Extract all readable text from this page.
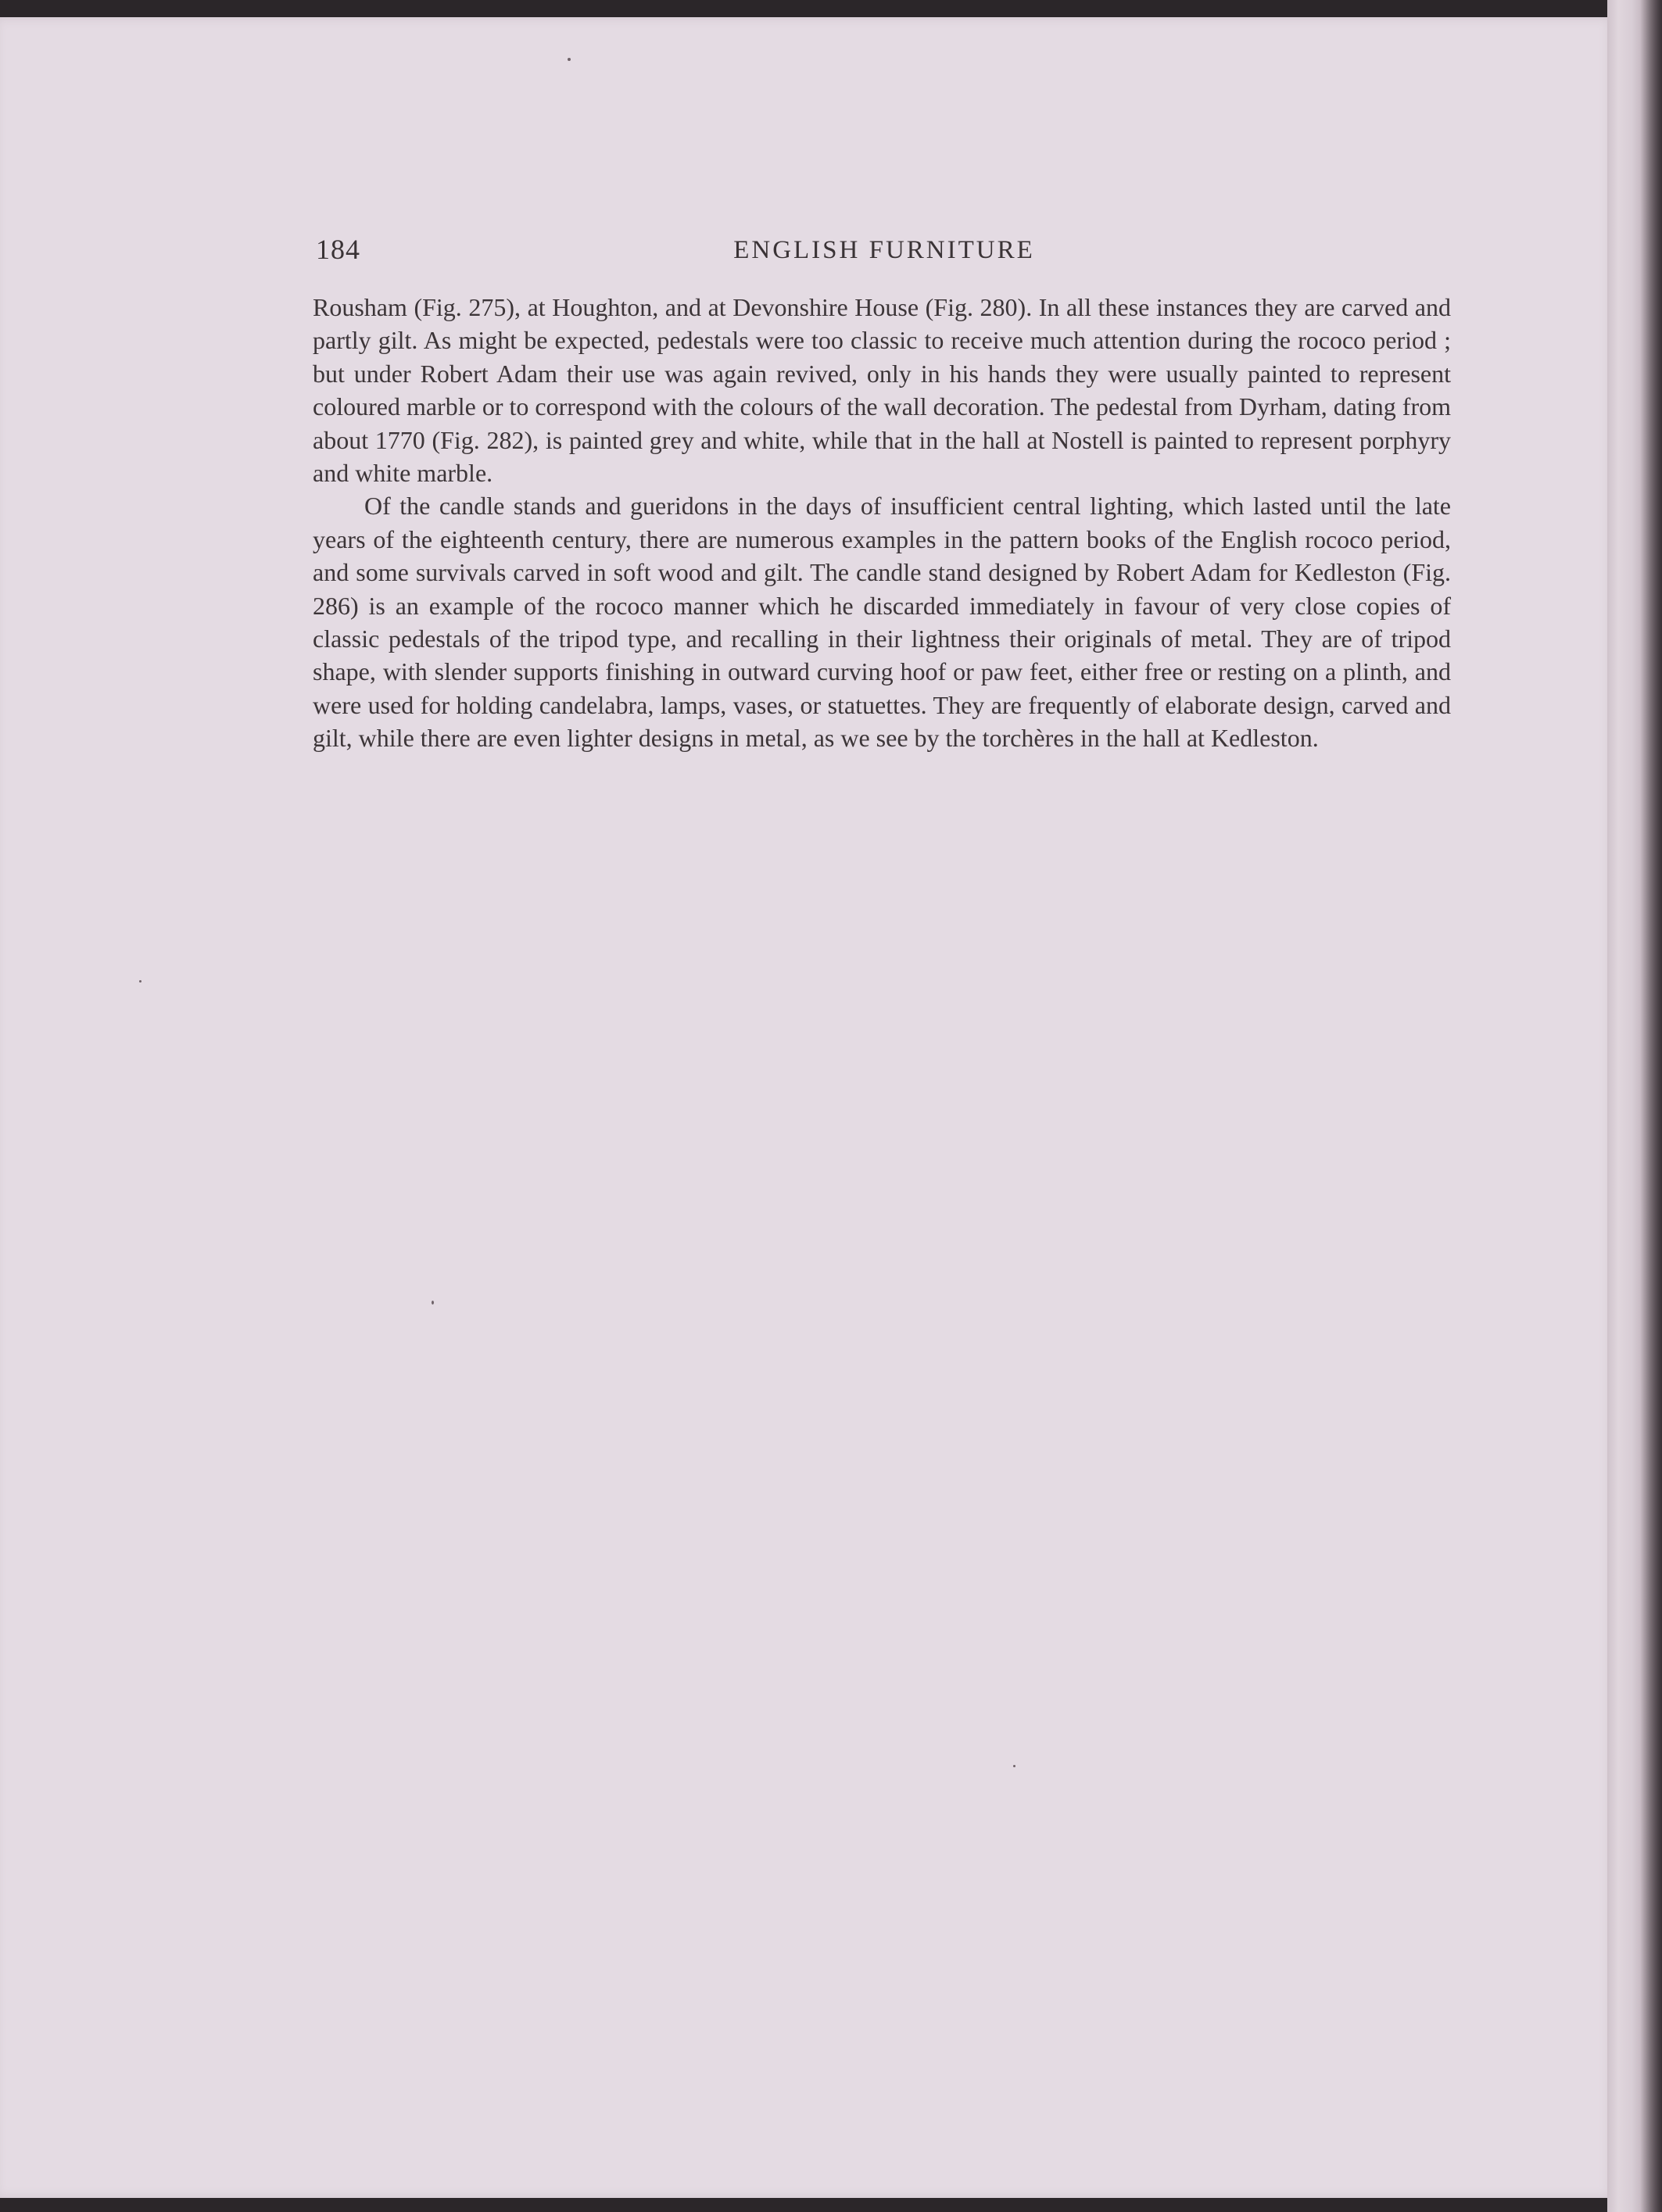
184	ENGLISH FURNITURE

Rousham (Fig. 275), at Houghton, and at Devonshire House (Fig. 280). In all these instances they are carved and partly gilt. As might be expected, pedestals were too classic to receive much attention during the rococo period ; but under Robert Adam their use was again revived, only in his hands they were usually painted to represent coloured marble or to correspond with the colours of the wall decoration. The pedestal from Dyrham, dating from about 1770 (Fig. 282), is painted grey and white, while that in the hall at Nostell is painted to represent porphyry and white marble.

Of the candle stands and gueridons in the days of insufficient central lighting, which lasted until the late years of the eighteenth century, there are numerous examples in the pattern books of the English rococo period, and some survivals carved in soft wood and gilt. The candle stand designed by Robert Adam for Kedleston (Fig. 286) is an example of the rococo manner which he discarded immediately in favour of very close copies of classic pedestals of the tripod type, and recalling in their lightness their originals of metal. They are of tripod shape, with slender supports finishing in outward curving hoof or paw feet, either free or resting on a plinth, and were used for holding candelabra, lamps, vases, or statuettes. They are frequently of elaborate design, carved and gilt, while there are even lighter designs in metal, as we see by the torchères in the hall at Kedleston.
